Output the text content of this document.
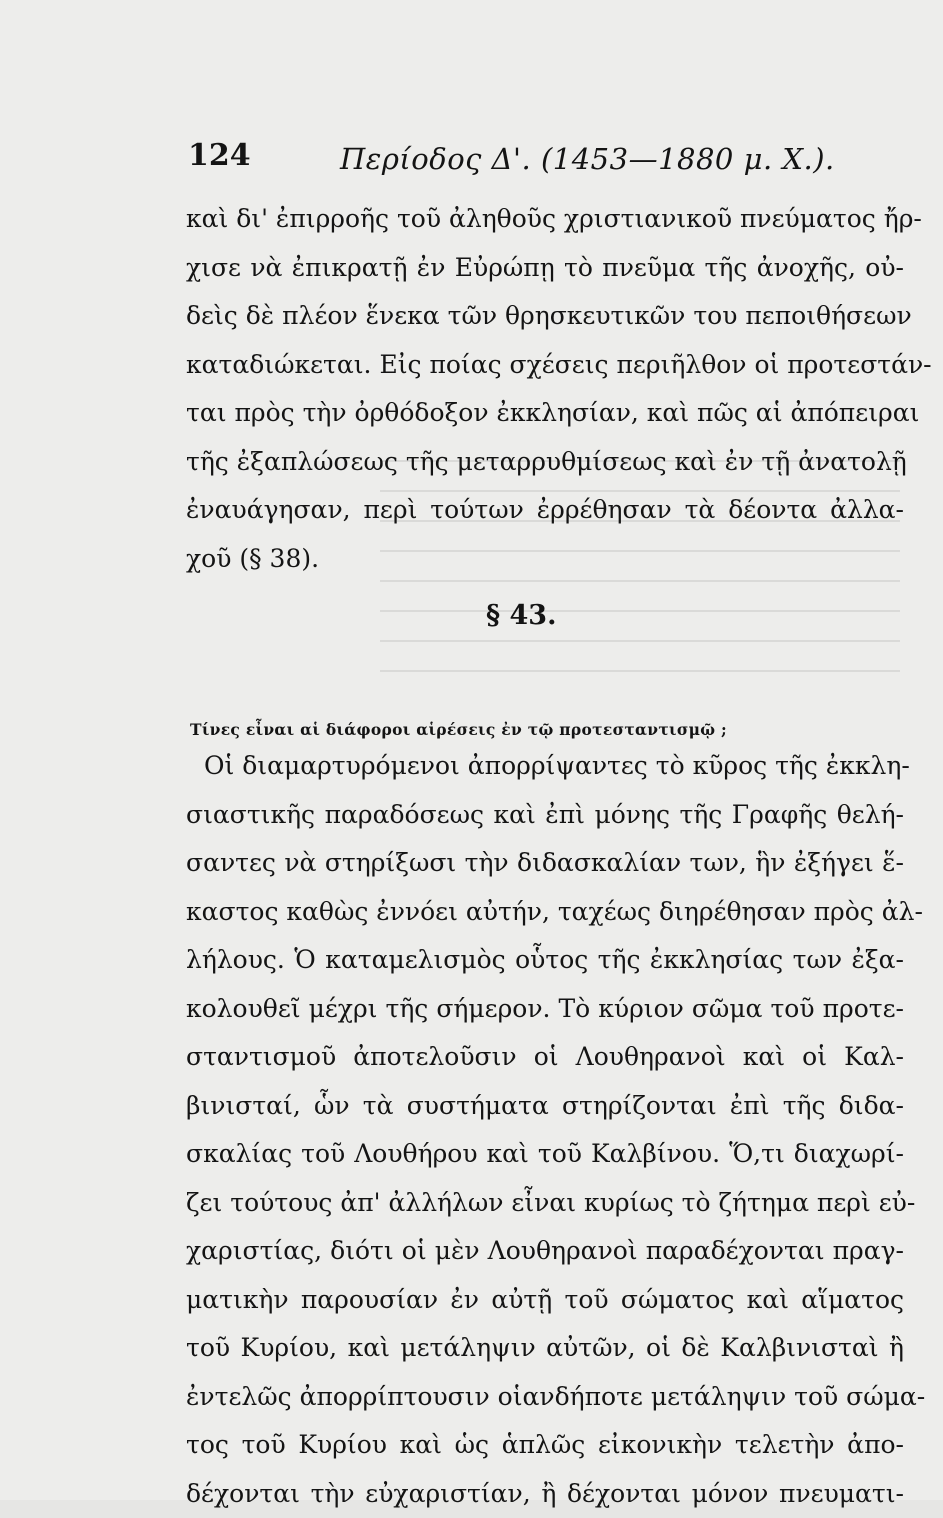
124	Περίοδος Δ'. (1453—1880 μ. Χ.).
καὶ δι' ἐπιρροῆς τοῦ ἀληθοῦς χριστιανικοῦ πνεύματος ἤρ-
χισε νὰ ἐπικρατῇ ἐν Εὐρώπῃ τὸ πνεῦμα τῆς ἀνοχῆς, οὐ-
δεὶς δὲ πλέον ἕνεκα τῶν θρησκευτικῶν του πεποιθήσεων
καταδιώκεται. Εἰς ποίας σχέσεις περιῆλθον οἱ προτεστάν-
ται πρὸς τὴν ὀρθόδοξον ἐκκλησίαν, καὶ πῶς αἱ ἀπόπειραι
τῆς ἐξαπλώσεως τῆς μεταρρυθμίσεως καὶ ἐν τῇ ἀνατολῇ
ἐναυάγησαν, περὶ τούτων ἐρρέθησαν τὰ δέοντα ἀλλα-
χοῦ (§ 38).
§ 43.
Τίνες εἶναι αἱ διάφοροι αἱρέσεις ἐν τῷ προτεσταντισμῷ ;
Οἱ διαμαρτυρόμενοι ἀπορρίψαντες τὸ κῦρος τῆς ἐκκλη-
σιαστικῆς παραδόσεως καὶ ἐπὶ μόνης τῆς Γραφῆς θελή-
σαντες νὰ στηρίξωσι τὴν διδασκαλίαν των, ἣν ἐξήγει ἕ-
καστος καθὼς ἐννόει αὐτήν, ταχέως διηρέθησαν πρὸς ἀλ-
λήλους. Ὁ καταμελισμὸς οὗτος τῆς ἐκκλησίας των ἐξα-
κολουθεῖ μέχρι τῆς σήμερον. Τὸ κύριον σῶμα τοῦ προτε-
σταντισμοῦ ἀποτελοῦσιν οἱ Λουθηρανοὶ καὶ οἱ Καλ-
βινισταί, ὧν τὰ συστήματα στηρίζονται ἐπὶ τῆς διδα-
σκαλίας τοῦ Λουθήρου καὶ τοῦ Καλβίνου. Ὅ,τι διαχωρί-
ζει τούτους ἀπ' ἀλλήλων εἶναι κυρίως τὸ ζήτημα περὶ εὐ-
χαριστίας, διότι οἱ μὲν Λουθηρανοὶ παραδέχονται πραγ-
ματικὴν παρουσίαν ἐν αὐτῇ τοῦ σώματος καὶ αἵματος
τοῦ Κυρίου, καὶ μετάληψιν αὐτῶν, οἱ δὲ Καλβινισταὶ ἢ
ἐντελῶς ἀπορρίπτουσιν οἱανδήποτε μετάληψιν τοῦ σώμα-
τος τοῦ Κυρίου καὶ ὡς ἁπλῶς εἰκονικὴν τελετὴν ἀπο-
δέχονται τὴν εὐχαριστίαν, ἢ δέχονται μόνον πνευματι-
